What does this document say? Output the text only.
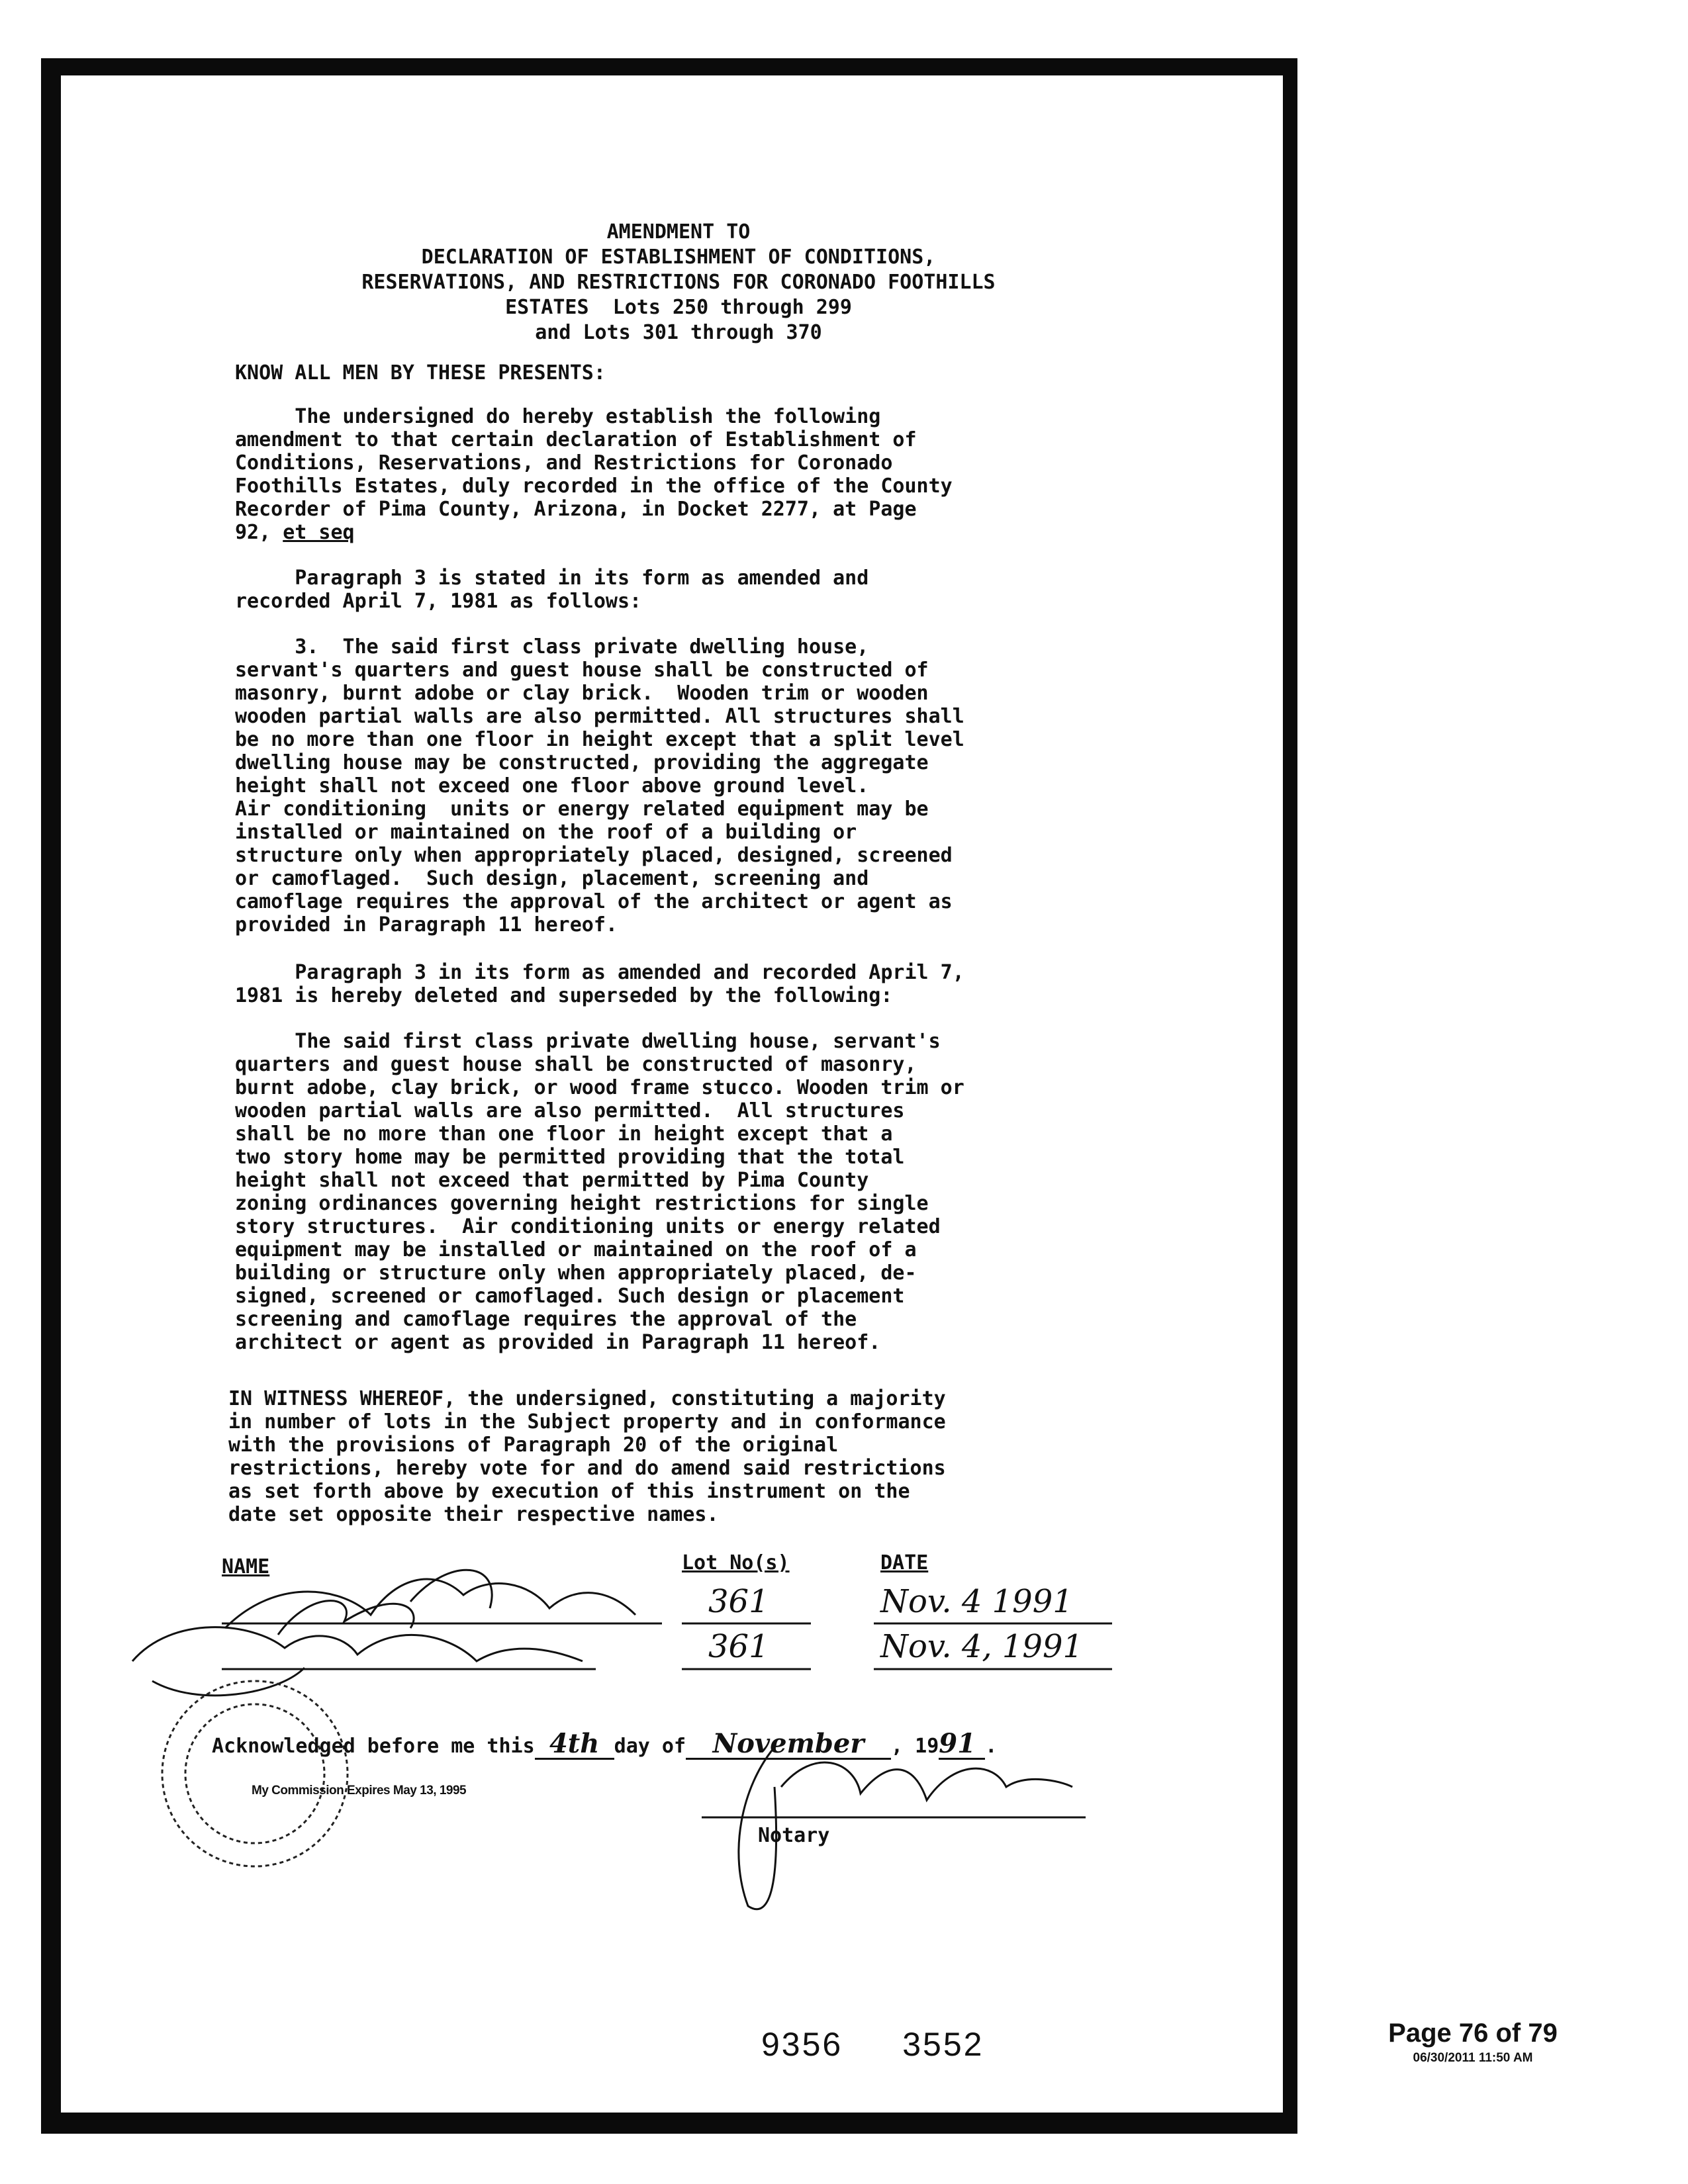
AMENDMENT TO
DECLARATION OF ESTABLISHMENT OF CONDITIONS,
RESERVATIONS, AND RESTRICTIONS FOR CORONADO FOOTHILLS
ESTATES  Lots 250 through 299
and Lots 301 through 370
KNOW ALL MEN BY THESE PRESENTS:
The undersigned do hereby establish the following
amendment to that certain declaration of Establishment of
Conditions, Reservations, and Restrictions for Coronado
Foothills Estates, duly recorded in the office of the County
Recorder of Pima County, Arizona, in Docket 2277, at Page
92, et seq
Paragraph 3 is stated in its form as amended and
recorded April 7, 1981 as follows:
3.  The said first class private dwelling house,
servant's quarters and guest house shall be constructed of
masonry, burnt adobe or clay brick.  Wooden trim or wooden
wooden partial walls are also permitted. All structures shall
be no more than one floor in height except that a split level
dwelling house may be constructed, providing the aggregate
height shall not exceed one floor above ground level.
Air conditioning  units or energy related equipment may be
installed or maintained on the roof of a building or
structure only when appropriately placed, designed, screened
or camoflaged.  Such design, placement, screening and
camoflage requires the approval of the architect or agent as
provided in Paragraph 11 hereof.
Paragraph 3 in its form as amended and recorded April 7,
1981 is hereby deleted and superseded by the following:
The said first class private dwelling house, servant's
quarters and guest house shall be constructed of masonry,
burnt adobe, clay brick, or wood frame stucco. Wooden trim or
wooden partial walls are also permitted.  All structures
shall be no more than one floor in height except that a
two story home may be permitted providing that the total
height shall not exceed that permitted by Pima County
zoning ordinances governing height restrictions for single
story structures.  Air conditioning units or energy related
equipment may be installed or maintained on the roof of a
building or structure only when appropriately placed, de-
signed, screened or camoflaged. Such design or placement
screening and camoflage requires the approval of the
architect or agent as provided in Paragraph 11 hereof.
IN WITNESS WHEREOF, the undersigned, constituting a majority
in number of lots in the Subject property and in conformance
with the provisions of Paragraph 20 of the original
restrictions, hereby vote for and do amend said restrictions
as set forth above by execution of this instrument on the
date set opposite their respective names.
NAME	Lot No(s)	DATE
361	Nov. 4 1991
361	Nov. 4, 1991
Acknowledged before me this 4th day of November , 1991 .
My Commission Expires May 13, 1995
Notary
9356 3552	Page 76 of 79
06/30/2011 11:50 AM
